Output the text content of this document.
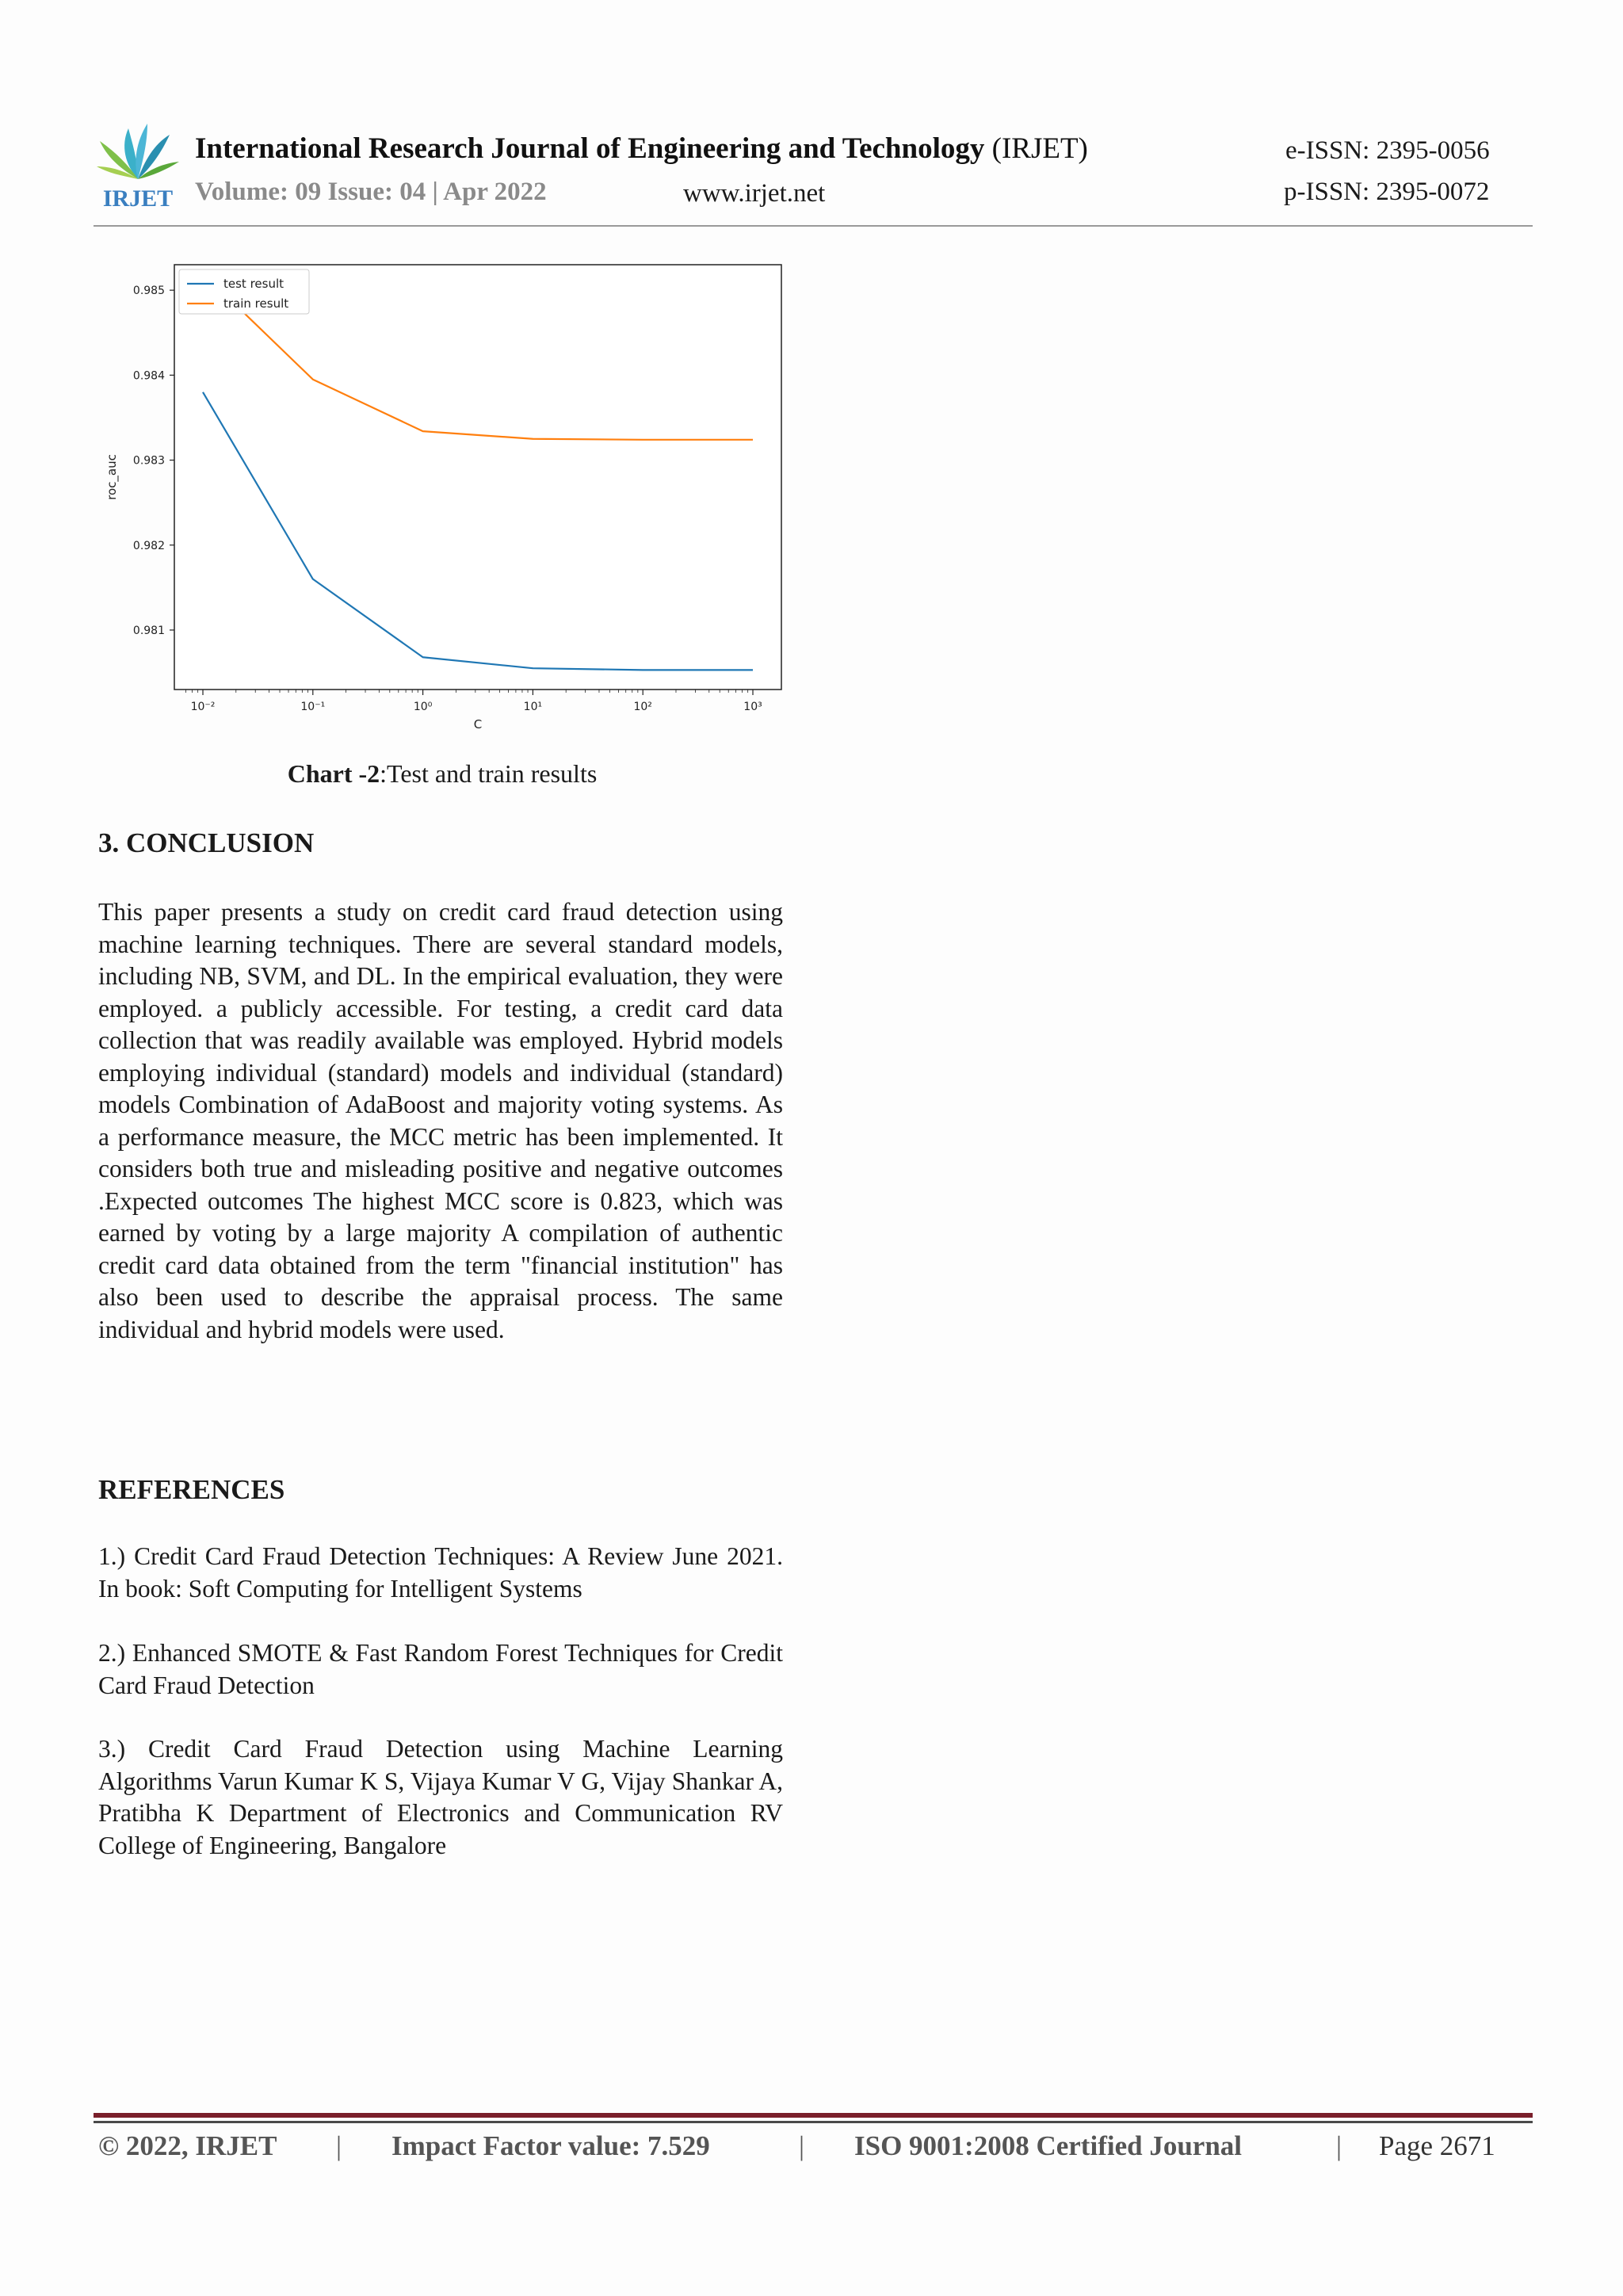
IRJET
International Research Journal of Engineering and Technology (IRJET)	e-ISSN: 2395-0056
Volume: 09 Issue: 04 | Apr 2022	www.irjet.net	p-ISSN: 2395-0072
0.981
0.982
0.983
0.984
0.985
10⁻²	10⁻¹	10⁰	10¹	10²	10³
test result
train result
roc_auc
C
Chart -2:Test and train results
3. CONCLUSION
This paper presents a study on credit card fraud detection using machine learning techniques. There are several standard models, including NB, SVM, and DL. In the empirical evaluation, they were employed. a publicly accessible. For testing, a credit card data collection that was readily available was employed. Hybrid models employing individual (standard) models and individual (standard) models Combination of AdaBoost and majority voting systems. As a performance measure, the MCC metric has been implemented. It considers both true and misleading positive and negative outcomes .Expected outcomes The highest MCC score is 0.823, which was earned by voting by a large majority A compilation of authentic credit card data obtained from the term "financial institution" has also been used to describe the appraisal process. The same individual and hybrid models were used.
REFERENCES
1.) Credit Card Fraud Detection Techniques: A Review June 2021. In book: Soft Computing for Intelligent Systems
2.) Enhanced SMOTE & Fast Random Forest Techniques for Credit Card Fraud Detection
3.) Credit Card Fraud Detection using Machine Learning Algorithms Varun Kumar K S, Vijaya Kumar V G, Vijay Shankar A, Pratibha K Department of Electronics and Communication RV College of Engineering, Bangalore
© 2022, IRJET | Impact Factor value: 7.529	| ISO 9001:2008 Certified Journal	| Page 2671
